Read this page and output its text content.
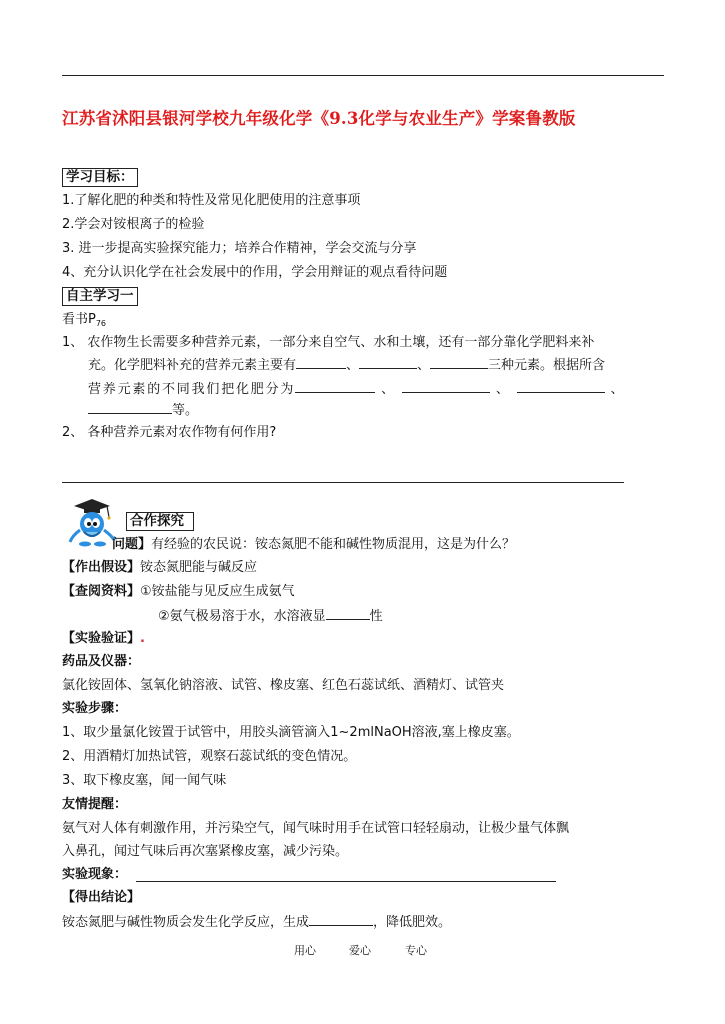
江苏省沭阳县银河学校九年级化学《9.3化学与农业生产》学案鲁教版
学习目标：
1.了解化肥的种类和特性及常见化肥使用的注意事项
2.学会对铵根离子的检验
3. 进一步提高实验探究能力；培养合作精神，学会交流与分享
4、充分认识化学在社会发展中的作用，学会用辩证的观点看待问题
自主学习一
看书$P_{76}$
1、 农作物生长需要多种营养元素，一部分来自空气、水和土壤，还有一部分靠化学肥料来补
充。化学肥料补充的营养元素主要有	、	、	三种元素。根据所含
营养元素的不同我们把化肥分为	、	、	、
等。
2、 各种营养元素对农作物有何作用?
合作探究
问题】有经验的农民说：铵态氮肥不能和碱性物质混用，这是为什么？
【作出假设】铵态氮肥能与碱反应
【查阅资料】①铵盐能与见反应生成氨气
②氨气极易溶于水，水溶液显	性
【实验验证】.
药品及仪器：
氯化铵固体、氢氧化钠溶液、试管、橡皮塞、红色石蕊试纸、酒精灯、试管夹
实验步骤：
1、取少量氯化铵置于试管中，用胶头滴管滴入1~2mlNaOH溶液,塞上橡皮塞。
2、用酒精灯加热试管，观察石蕊试纸的变色情况。
3、取下橡皮塞，闻一闻气味
友情提醒：
氨气对人体有刺激作用，并污染空气，闻气味时用手在试管口轻轻扇动，让极少量气体飘
入鼻孔，闻过气味后再次塞紧橡皮塞，减少污染。
实验现象：
【得出结论】
铵态氮肥与碱性物质会发生化学反应，生成	，降低肥效。
用心	爱心	专心
